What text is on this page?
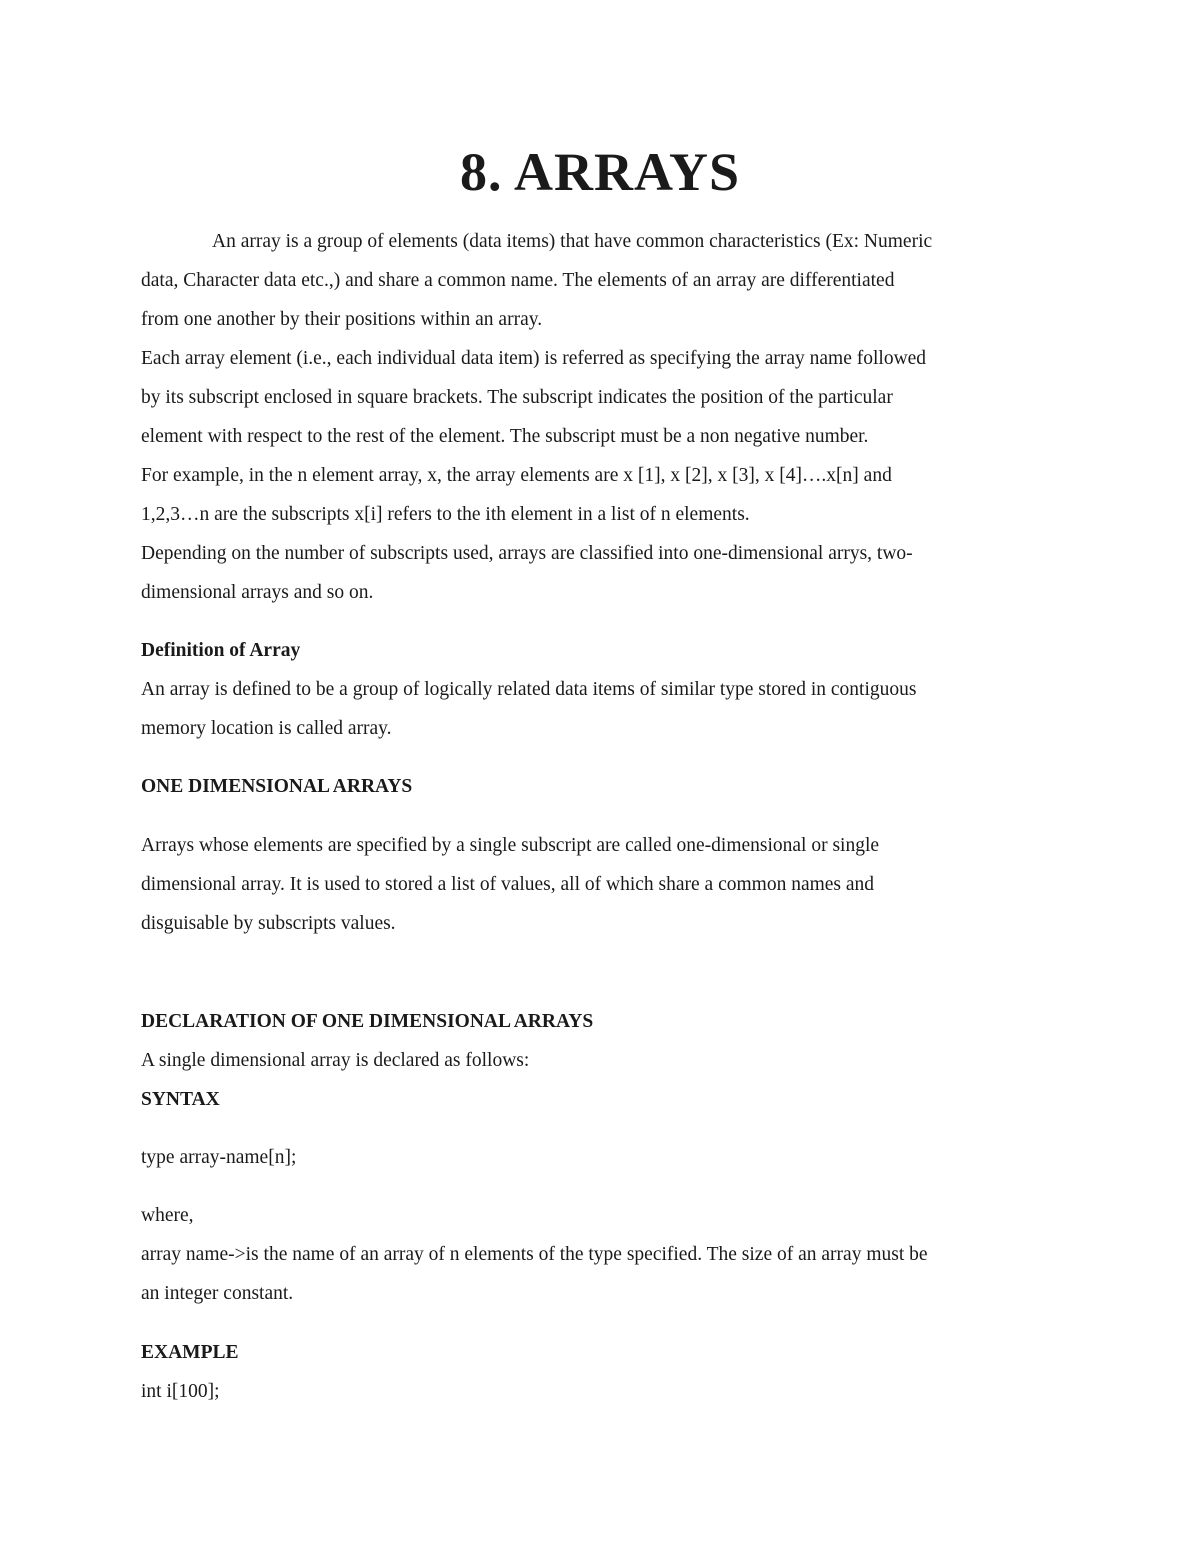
8. ARRAYS
An array is a group of elements (data items) that have common characteristics (Ex: Numeric
data, Character data etc.,) and share a common name. The elements of an array are differentiated
from one another by their positions within an array.
Each array element (i.e., each individual data item) is referred as specifying the array name followed
by its subscript enclosed in square brackets. The subscript indicates the position of the particular
element with respect to the rest of the element. The subscript must be a non negative number.
For example, in the n element array, x, the array elements are x [1], x [2], x [3], x [4]….x[n] and
1,2,3…n are the subscripts x[i] refers to the ith element in a list of n elements.
Depending on the number of subscripts used, arrays are classified into one-dimensional arrys, two-
dimensional arrays and so on.
Definition of Array
An array is defined to be a group of logically related data items of similar type stored in contiguous
memory location is called array.
ONE DIMENSIONAL ARRAYS
Arrays whose elements are specified by a single subscript are called one-dimensional or single
dimensional array. It is used to stored a list of values, all of which share a common names and
disguisable by subscripts values.
DECLARATION OF ONE DIMENSIONAL ARRAYS
A single dimensional array is declared as follows:
SYNTAX
type array-name[n];
where,
array name->is the name of an array of n elements of the type specified. The size of an array must be
an integer constant.
EXAMPLE
int i[100];
